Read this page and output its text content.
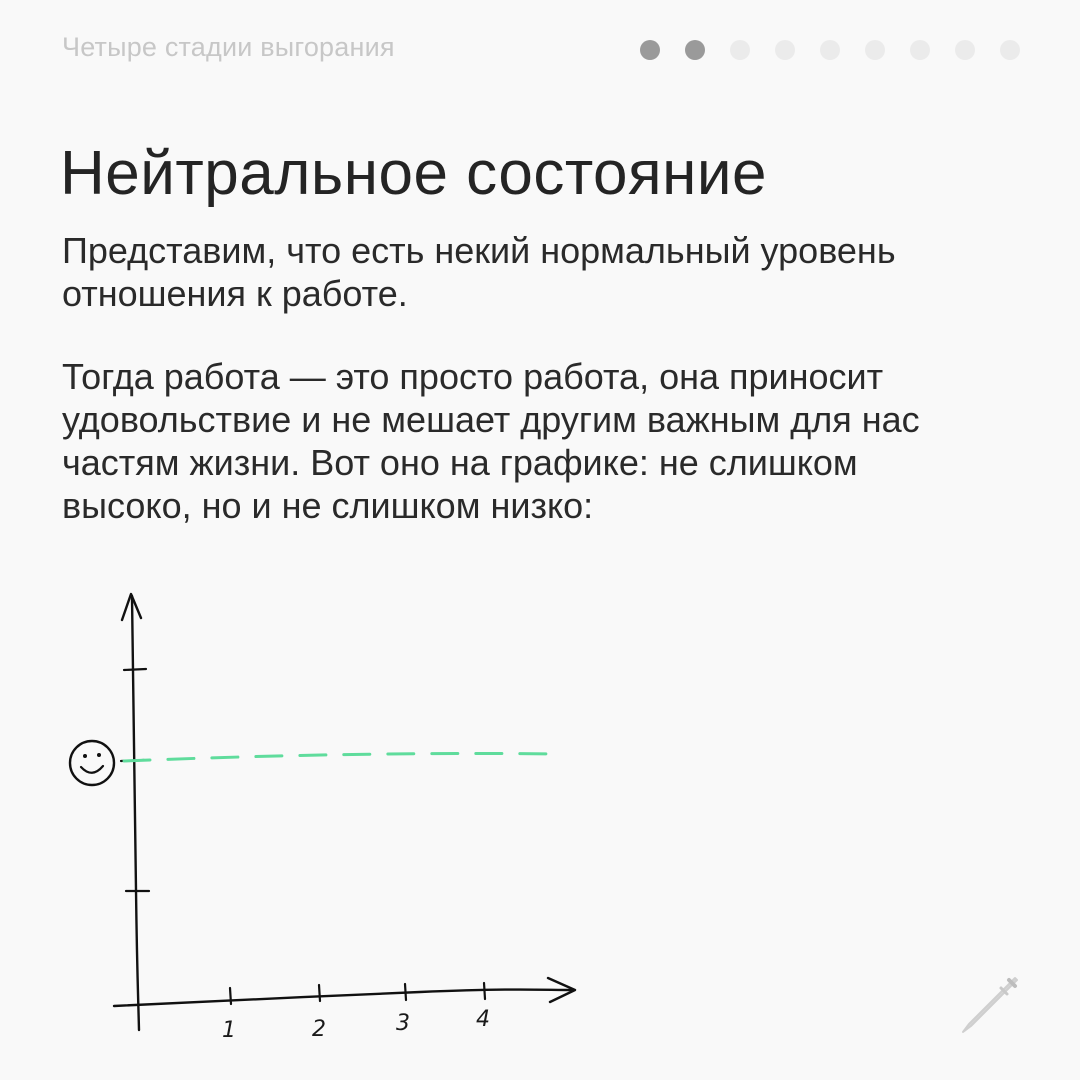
Четыре стадии выгорания
Нейтральное состояние

Представим, что есть некий нормальный уровень отношения к работе.

Тогда работа — это просто работа, она приносит удовольствие и не мешает другим важным для нас частям жизни. Вот оно на графике: не слишком высоко, но и не слишком низко:

1	2	3	4
